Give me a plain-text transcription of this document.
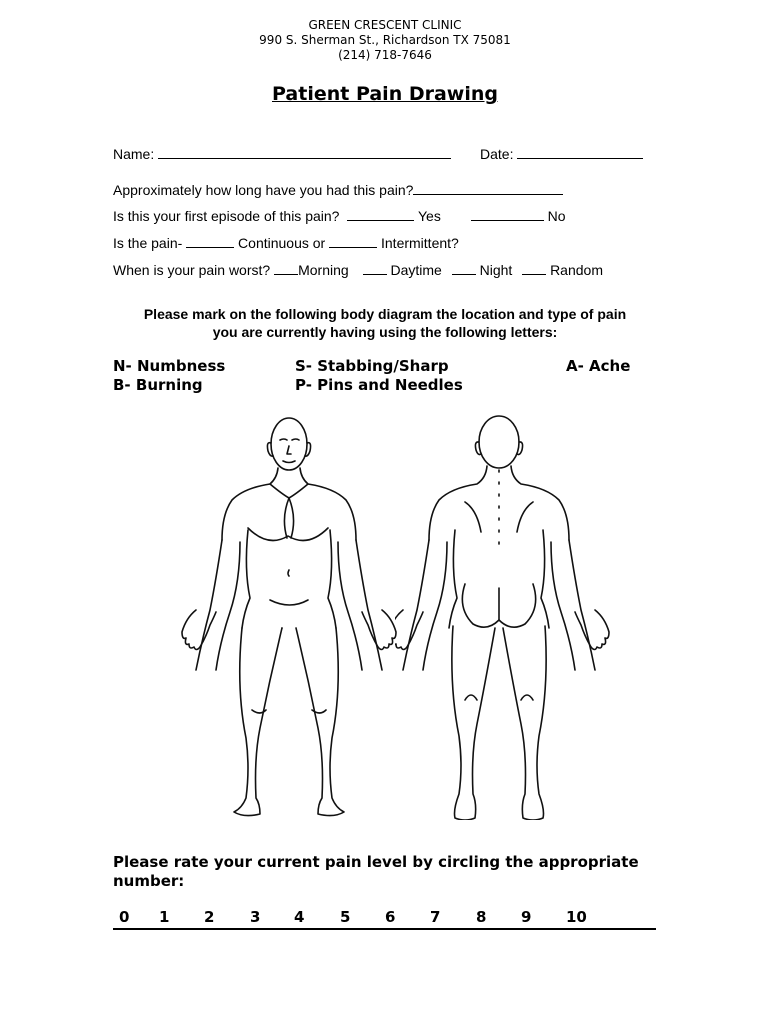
GREEN CRESCENT CLINIC
990 S. Sherman St., Richardson TX 75081
(214) 718-7646
Patient Pain Drawing
Name:	Date:
Approximately how long have you had this pain?
Is this your first episode of this pain?	Yes	No
Is the pain-	Continuous or	Intermittent?
When is your pain worst? Morning	Daytime	Night	Random
Please mark on the following body diagram the location and type of pain
you are currently having using the following letters:
N- Numbness
B- Burning
S- Stabbing/Sharp
P- Pins and Needles
A- Ache
Please rate your current pain level by circling the appropriate number:
0 1 2 3 4 5 6 7 8 9 10
